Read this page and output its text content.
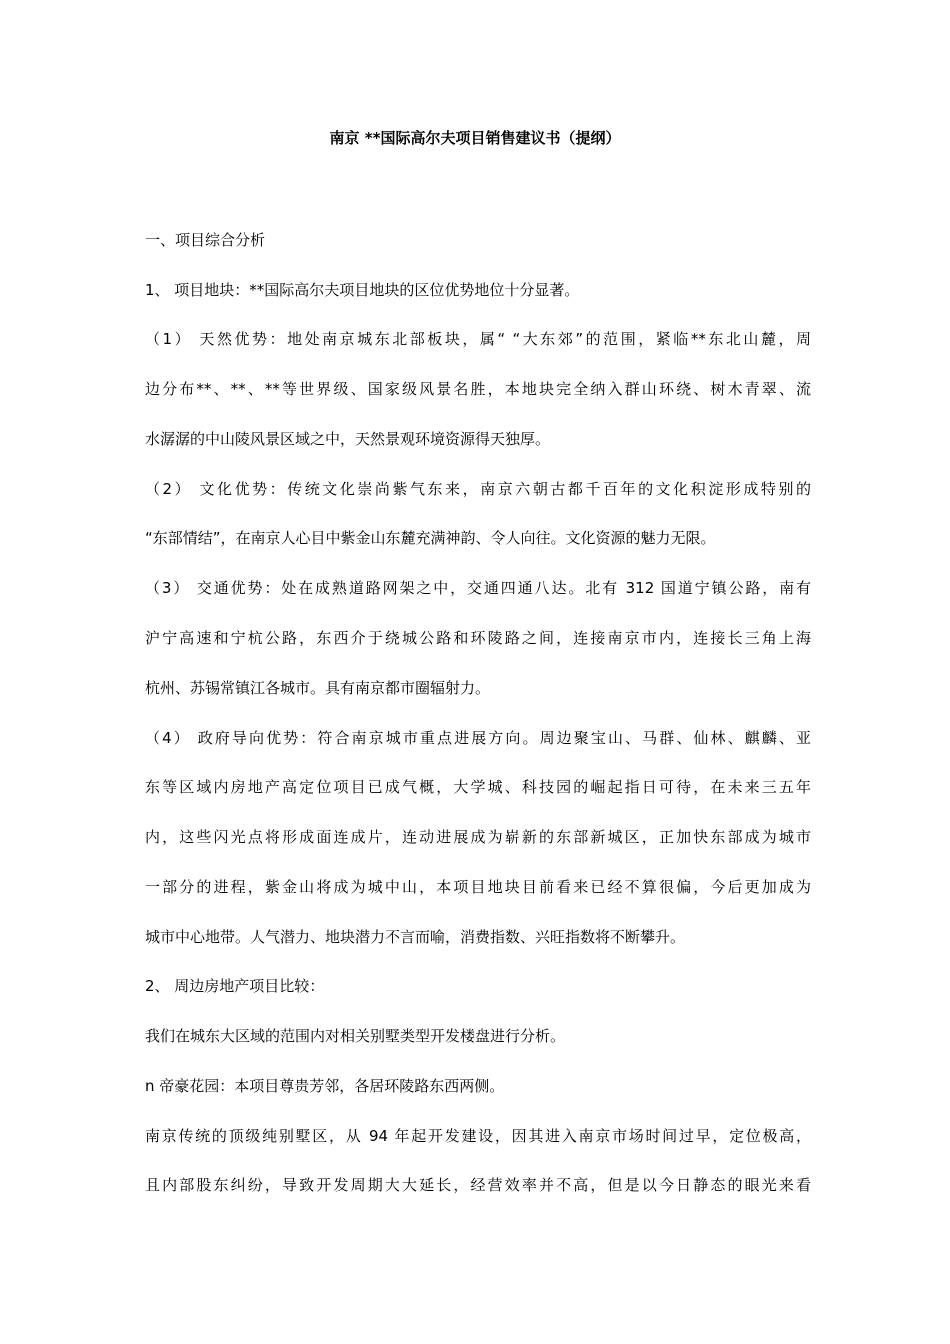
南京 **国际高尔夫项目销售建议书（提纲）
一、项目综合分析
1、 项目地块：**国际高尔夫项目地块的区位优势地位十分显著。
（1） 天然优势：地处南京城东北部板块，属“ “大东郊”的范围，紧临**东北山麓，周
边分布**、**、**等世界级、国家级风景名胜，本地块完全纳入群山环绕、树木青翠、流
水潺潺的中山陵风景区域之中，天然景观环境资源得天独厚。
（2） 文化优势：传统文化崇尚紫气东来，南京六朝古都千百年的文化积淀形成特别的
“东部情结”，在南京人心目中紫金山东麓充满神韵、令人向往。文化资源的魅力无限。
（3） 交通优势：处在成熟道路网架之中，交通四通八达。北有 312 国道宁镇公路，南有
沪宁高速和宁杭公路，东西介于绕城公路和环陵路之间，连接南京市内，连接长三角上海
杭州、苏锡常镇江各城市。具有南京都市圈辐射力。
（4） 政府导向优势：符合南京城市重点进展方向。周边聚宝山、马群、仙林、麒麟、亚
东等区域内房地产高定位项目已成气概，大学城、科技园的崛起指日可待，在未来三五年
内，这些闪光点将形成面连成片，连动进展成为崭新的东部新城区，正加快东部成为城市
一部分的进程，紫金山将成为城中山，本项目地块目前看来已经不算很偏，今后更加成为
城市中心地带。人气潜力、地块潜力不言而喻，消费指数、兴旺指数将不断攀升。
2、 周边房地产项目比较：
我们在城东大区域的范围内对相关别墅类型开发楼盘进行分析。
n 帝豪花园：本项目尊贵芳邻，各居环陵路东西两侧。
南京传统的顶级纯别墅区，从 94 年起开发建设，因其进入南京市场时间过早，定位极高，
且内部股东纠纷，导致开发周期大大延长，经营效率并不高，但是以今日静态的眼光来看
